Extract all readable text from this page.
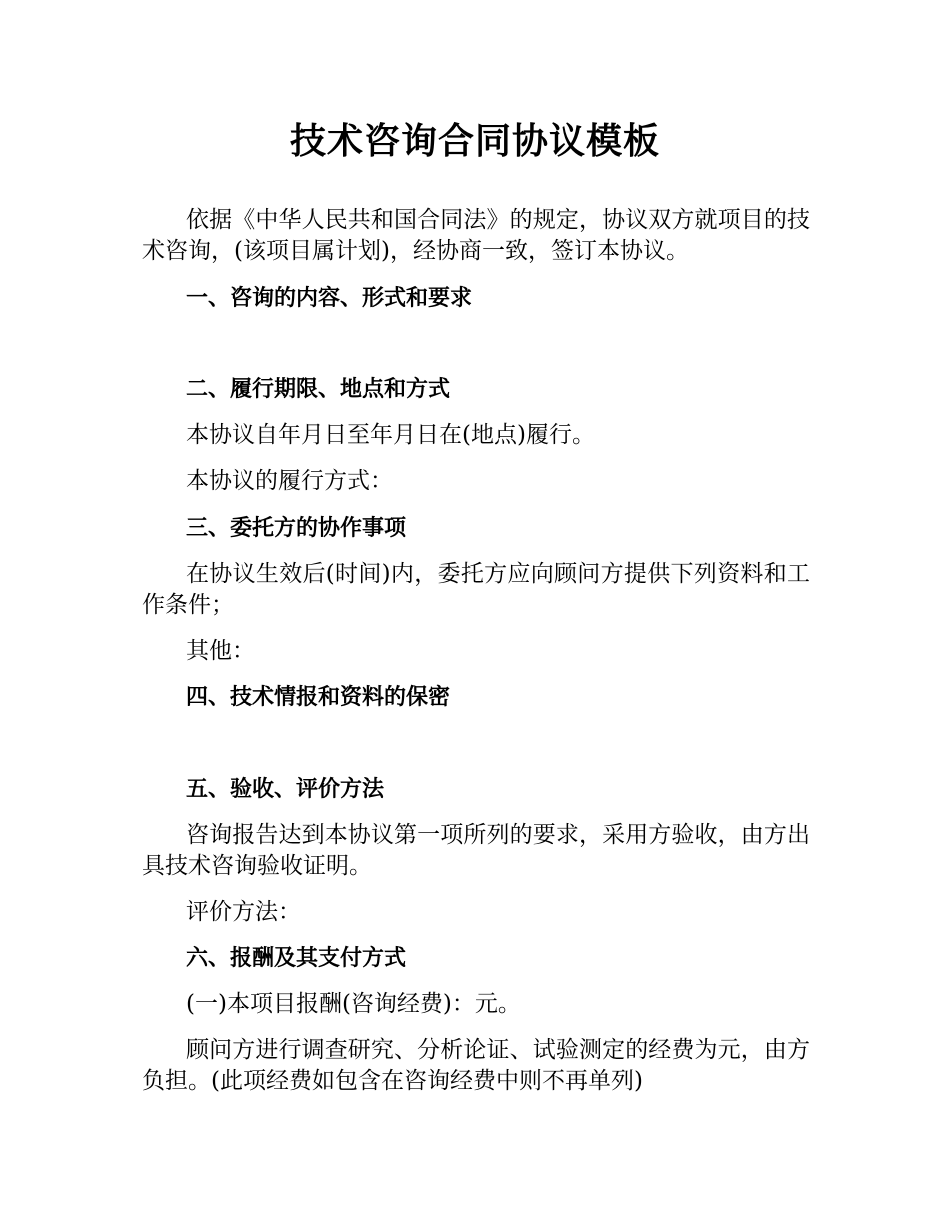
技术咨询合同协议模板

依据《中华人民共和国合同法》的规定，协议双方就项目的技术咨询，(该项目属计划)，经协商一致，签订本协议。

一、咨询的内容、形式和要求

二、履行期限、地点和方式

本协议自年月日至年月日在(地点)履行。

本协议的履行方式：

三、委托方的协作事项

在协议生效后(时间)内，委托方应向顾问方提供下列资料和工作条件；

其他：

四、技术情报和资料的保密

五、验收、评价方法

咨询报告达到本协议第一项所列的要求，采用方验收，由方出具技术咨询验收证明。

评价方法：

六、报酬及其支付方式

(一)本项目报酬(咨询经费)：元。

顾问方进行调查研究、分析论证、试验测定的经费为元，由方负担。(此项经费如包含在咨询经费中则不再单列)
